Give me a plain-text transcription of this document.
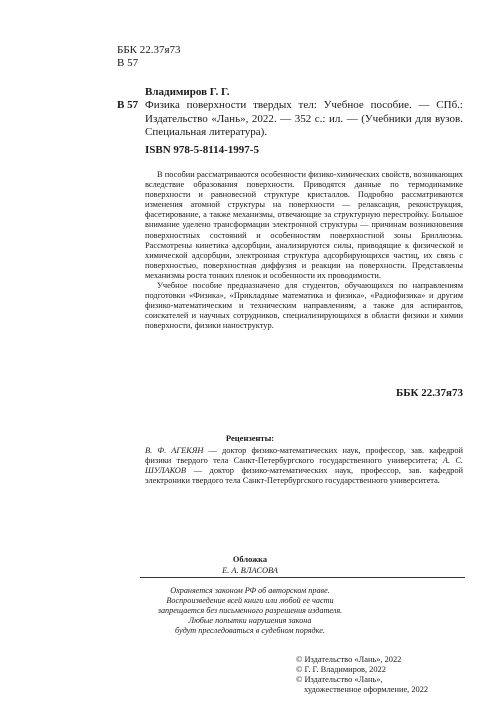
ББК 22.37я73
В 57
Владимиров Г. Г.
В 57 Физика поверхности твердых тел: Учебное пособие. — СПб.: Издательство «Лань», 2022. — 352 с.: ил. — (Учебники для вузов. Специальная литература).
ISBN 978-5-8114-1997-5

В пособии рассматриваются особенности физико-химических свойств, возникающих вследствие образования поверхности. Приводятся данные по термодинамике поверхности и равновесной структуре кристаллов. Подробно рассматриваются изменения атомной структуры на поверхности — релаксация, реконструкция, фасетирование, а также механизмы, отвечающие за структурную перестройку. Большое внимание уделено трансформации электронной структуры — причинам возникновения поверхностных состояний и особенностям поверхностной зоны Бриллюэна. Рассмотрены кинетика адсорбции, анализируются силы, приводящие к физической и химической адсорбции, электронная структура адсорбирующихся частиц, их связь с поверхностью, поверхностная диффузия и реакции на поверхности. Представлены механизмы роста тонких пленок и особенности их проводимости.

Учебное пособие предназначено для студентов, обучающихся по направлениям подготовки «Физика», «Прикладные математика и физика», «Радиофизика» и другим физико-математическим и техническим направлениям, а также для аспирантов, соискателей и научных сотрудников, специализирующихся в области физики и химии поверхности, физики наноструктур.

ББК 22.37я73
Рецензенты:
В. Ф. АГЕКЯН — доктор физико-математических наук, профессор, зав. кафедрой физики твердого тела Санкт-Петербургского государственного университета; А. С. ШУЛАКОВ — доктор физико-математических наук, профессор, зав. кафедрой электроники твердого тела Санкт-Петербургского государственного университета.
Обложка
Е. А. ВЛАСОВА
Охраняется законом РФ об авторском праве.
Воспроизведение всей книги или любой ее части
запрещается без письменного разрешения издателя.
Любые попытки нарушения закона
будут преследоваться в судебном порядке.
© Издательство «Лань», 2022
© Г. Г. Владимиров, 2022
© Издательство «Лань»,
художественное оформление, 2022
